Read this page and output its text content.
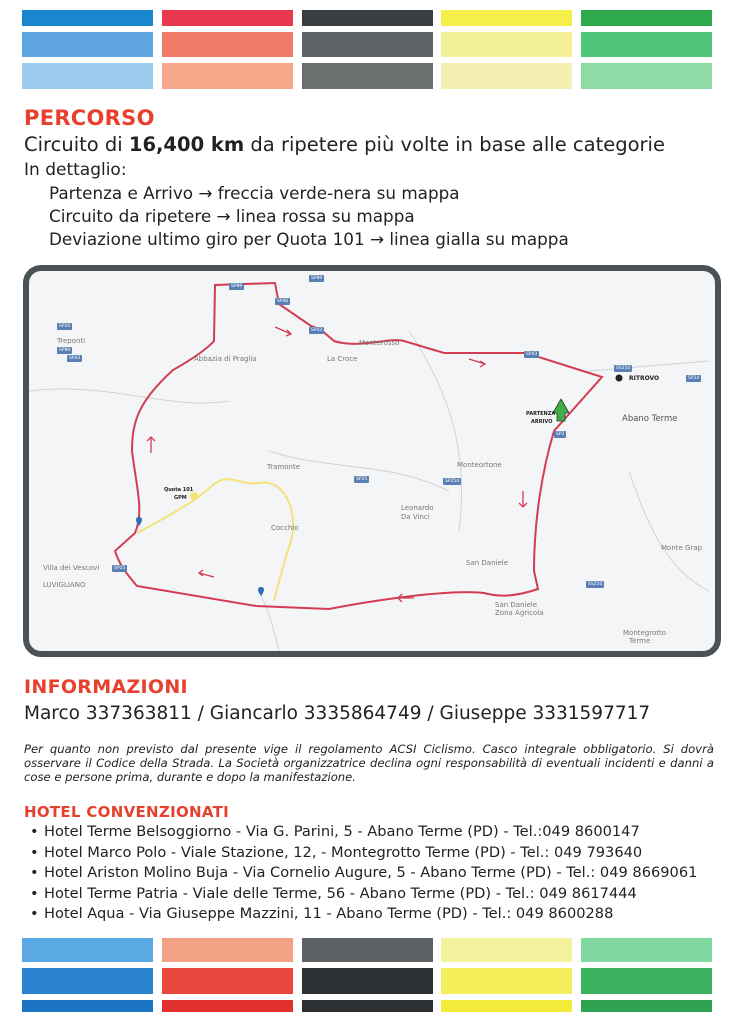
PERCORSO
Circuito di 16,400 km da ripetere più volte in base alle categorie
In dettaglio:
Partenza e Arrivo → freccia verde-nera su mappa
Circuito da ripetere → linea rossa su mappa
Deviazione ultimo giro per Quota 101 → linea gialla su mappa
Treponti
Abbazia di Praglia	La Croce
Monterosso
RITROVO
Abano Terme
PARTENZA
ARRIVO
Tramonte	Monteortone
Quota 101
GPM
Leonardo
Da Vinci
Cocchio
San Daniele
Villa dei Vescovi
LUVIGLIANO
San Daniele
Zona Agricola
Montegrotto
Terme
Monte Grap
SP89
SP89
SP46
SP20
SP89
SP43
SP43
SP43
SS250
SP24
SP2
SP25	SP25d
SP25
SS250
INFORMAZIONI
Marco 337363811 / Giancarlo 3335864749 / Giuseppe 3331597717
Per quanto non previsto dal presente vige il regolamento ACSI Ciclismo. Casco integrale obbligatorio. Si dovrà osservare il Codice della Strada. La Società organizzatrice declina ogni responsabilità di eventuali incidenti e danni a cose e persone prima, durante e dopo la manifestazione.
HOTEL CONVENZIONATI
• Hotel Terme Belsoggiorno - Via G. Parini, 5 - Abano Terme (PD) - Tel.:049 8600147
• Hotel Marco Polo - Viale Stazione, 12, - Montegrotto Terme (PD) - Tel.: 049 793640
• Hotel Ariston Molino Buja - Via Cornelio Augure, 5 - Abano Terme (PD) - Tel.: 049 8669061
• Hotel Terme Patria - Viale delle Terme, 56 - Abano Terme (PD) - Tel.: 049 8617444
• Hotel Aqua - Via Giuseppe Mazzini, 11 - Abano Terme (PD) - Tel.: 049 8600288
